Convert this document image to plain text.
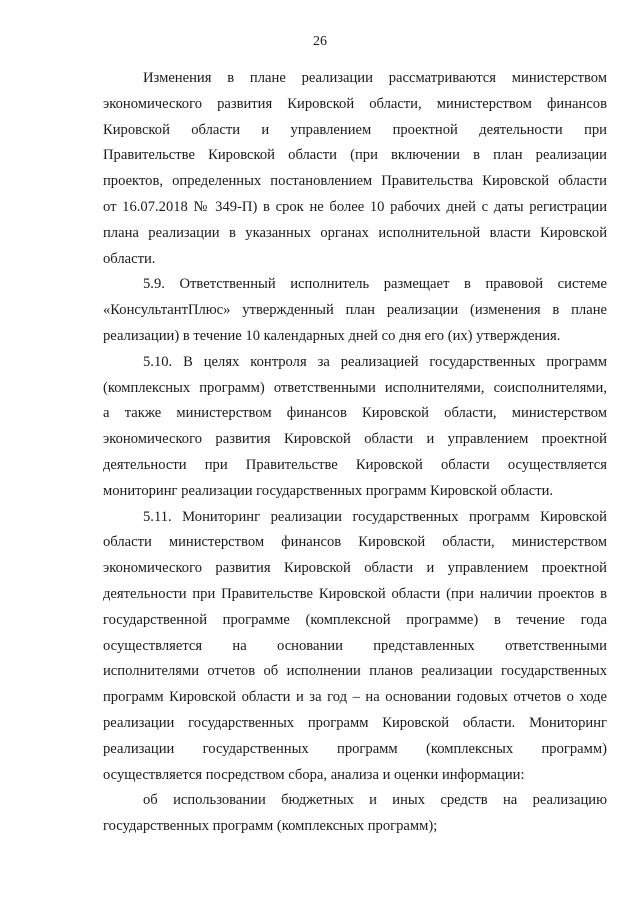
26
Изменения в плане реализации рассматриваются министерством
экономического развития Кировской области, министерством финансов
Кировской области и управлением проектной деятельности при
Правительстве Кировской области (при включении в план реализации
проектов, определенных постановлением Правительства Кировской области
от 16.07.2018 № 349-П) в срок не более 10 рабочих дней с даты регистрации
плана реализации в указанных органах исполнительной власти Кировской
области.
5.9. Ответственный исполнитель размещает в правовой системе
«КонсультантПлюс» утвержденный план реализации (изменения в плане
реализации) в течение 10 календарных дней со дня его (их) утверждения.
5.10. В целях контроля за реализацией государственных программ
(комплексных программ) ответственными исполнителями, соисполнителями,
а также министерством финансов Кировской области, министерством
экономического развития Кировской области и управлением проектной
деятельности при Правительстве Кировской области осуществляется
мониторинг реализации государственных программ Кировской области.
5.11. Мониторинг реализации государственных программ Кировской
области министерством финансов Кировской области, министерством
экономического развития Кировской области и управлением проектной
деятельности при Правительстве Кировской области (при наличии проектов в
государственной программе (комплексной программе) в течение года
осуществляется на основании представленных ответственными
исполнителями отчетов об исполнении планов реализации государственных
программ Кировской области и за год – на основании годовых отчетов о ходе
реализации государственных программ Кировской области. Мониторинг
реализации государственных программ (комплексных программ)
осуществляется посредством сбора, анализа и оценки информации:
об использовании бюджетных и иных средств на реализацию
государственных программ (комплексных программ);
